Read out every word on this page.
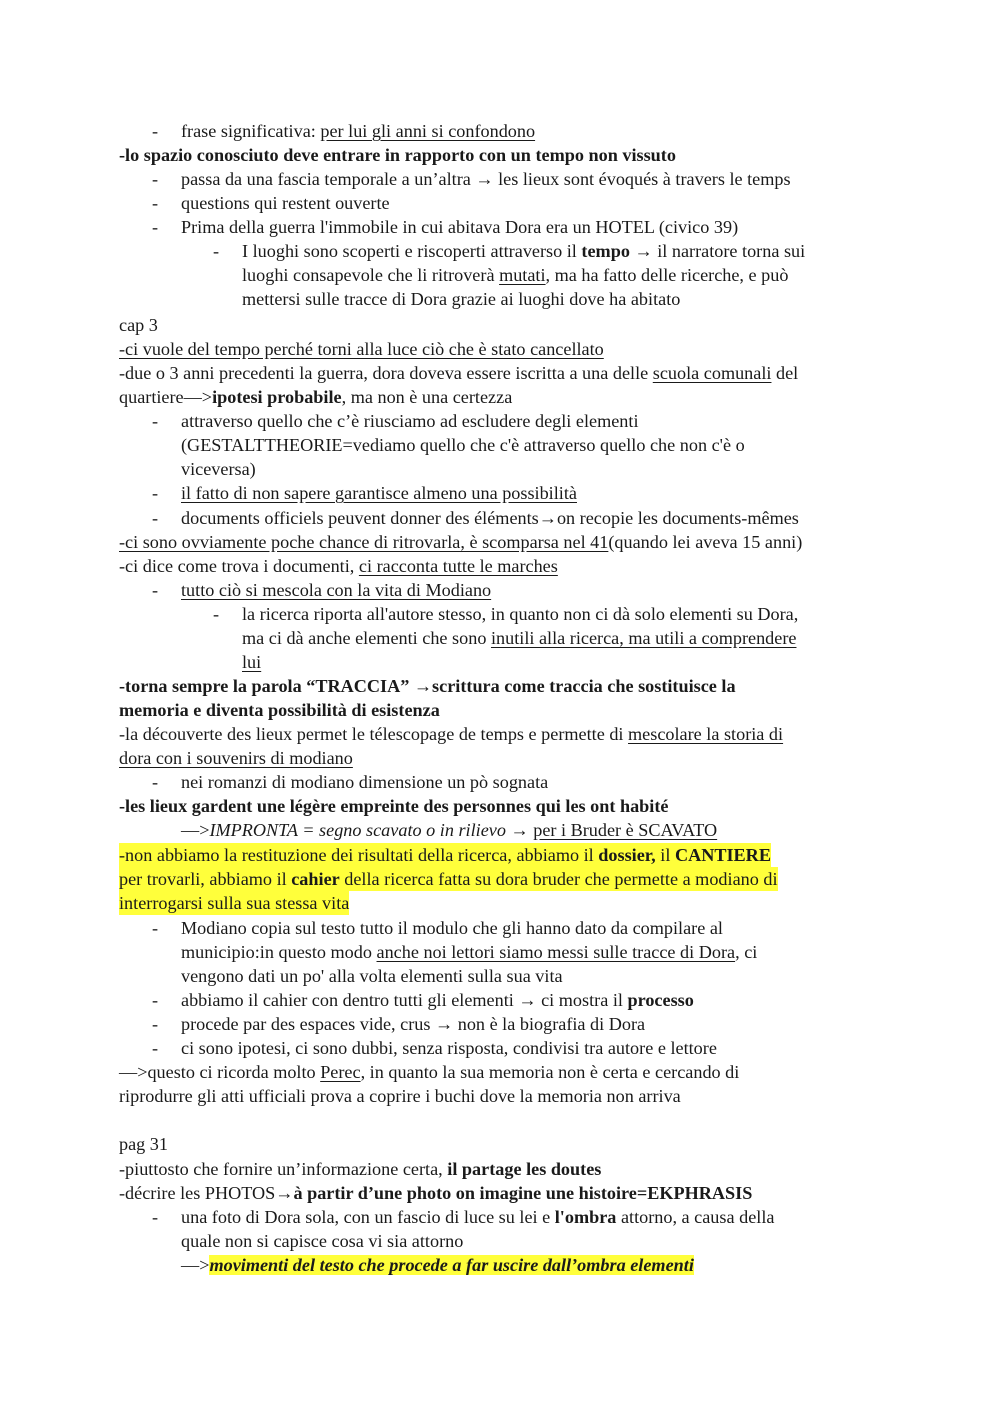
- frase significativa: per lui gli anni si confondono
-lo spazio conosciuto deve entrare in rapporto con un tempo non vissuto
- passa da una fascia temporale a un’altra → les lieux sont évoqués à travers le temps
- questions qui restent ouverte
- Prima della guerra l'immobile in cui abitava Dora era un HOTEL (civico 39)
- I luoghi sono scoperti e riscoperti attraverso il tempo → il narratore torna sui
luoghi consapevole che li ritroverà mutati, ma ha fatto delle ricerche, e può
mettersi sulle tracce di Dora grazie ai luoghi dove ha abitato
cap 3
-ci vuole del tempo perché torni alla luce ciò che è stato cancellato
-due o 3 anni precedenti la guerra, dora doveva essere iscritta a una delle scuola comunali del
quartiere—>ipotesi probabile, ma non è una certezza
- attraverso quello che c’è riusciamo ad escludere degli elementi
(GESTALTTHEORIE=vediamo quello che c'è attraverso quello che non c'è o
viceversa)
- il fatto di non sapere garantisce almeno una possibilità
- documents officiels peuvent donner des éléments→on recopie les documents-mêmes
-ci sono ovviamente poche chance di ritrovarla, è scomparsa nel 41(quando lei aveva 15 anni)
-ci dice come trova i documenti, ci racconta tutte le marches
- tutto ciò si mescola con la vita di Modiano
- la ricerca riporta all'autore stesso, in quanto non ci dà solo elementi su Dora,
ma ci dà anche elementi che sono inutili alla ricerca, ma utili a comprendere
lui
-torna sempre la parola “TRACCIA” →scrittura come traccia che sostituisce la
memoria e diventa possibilità di esistenza
-la découverte des lieux permet le télescopage de temps e permette di mescolare la storia di
dora con i souvenirs di modiano
- nei romanzi di modiano dimensione un pò sognata
-les lieux gardent une légère empreinte des personnes qui les ont habité
—>IMPRONTA = segno scavato o in rilievo → per i Bruder è SCAVATO
-non abbiamo la restituzione dei risultati della ricerca, abbiamo il dossier, il CANTIERE
per trovarli, abbiamo il cahier della ricerca fatta su dora bruder che permette a modiano di
interrogarsi sulla sua stessa vita
- Modiano copia sul testo tutto il modulo che gli hanno dato da compilare al
municipio:in questo modo anche noi lettori siamo messi sulle tracce di Dora, ci
vengono dati un po' alla volta elementi sulla sua vita
- abbiamo il cahier con dentro tutti gli elementi → ci mostra il processo
- procede par des espaces vide, crus → non è la biografia di Dora
- ci sono ipotesi, ci sono dubbi, senza risposta, condivisi tra autore e lettore
—>questo ci ricorda molto Perec, in quanto la sua memoria non è certa e cercando di
riprodurre gli atti ufficiali prova a coprire i buchi dove la memoria non arriva
pag 31
-piuttosto che fornire un’informazione certa, il partage les doutes
-décrire les PHOTOS→à partir d’une photo on imagine une histoire=EKPHRASIS
- una foto di Dora sola, con un fascio di luce su lei e l'ombra attorno, a causa della
quale non si capisce cosa vi sia attorno
—>movimenti del testo che procede a far uscire dall’ombra elementi
